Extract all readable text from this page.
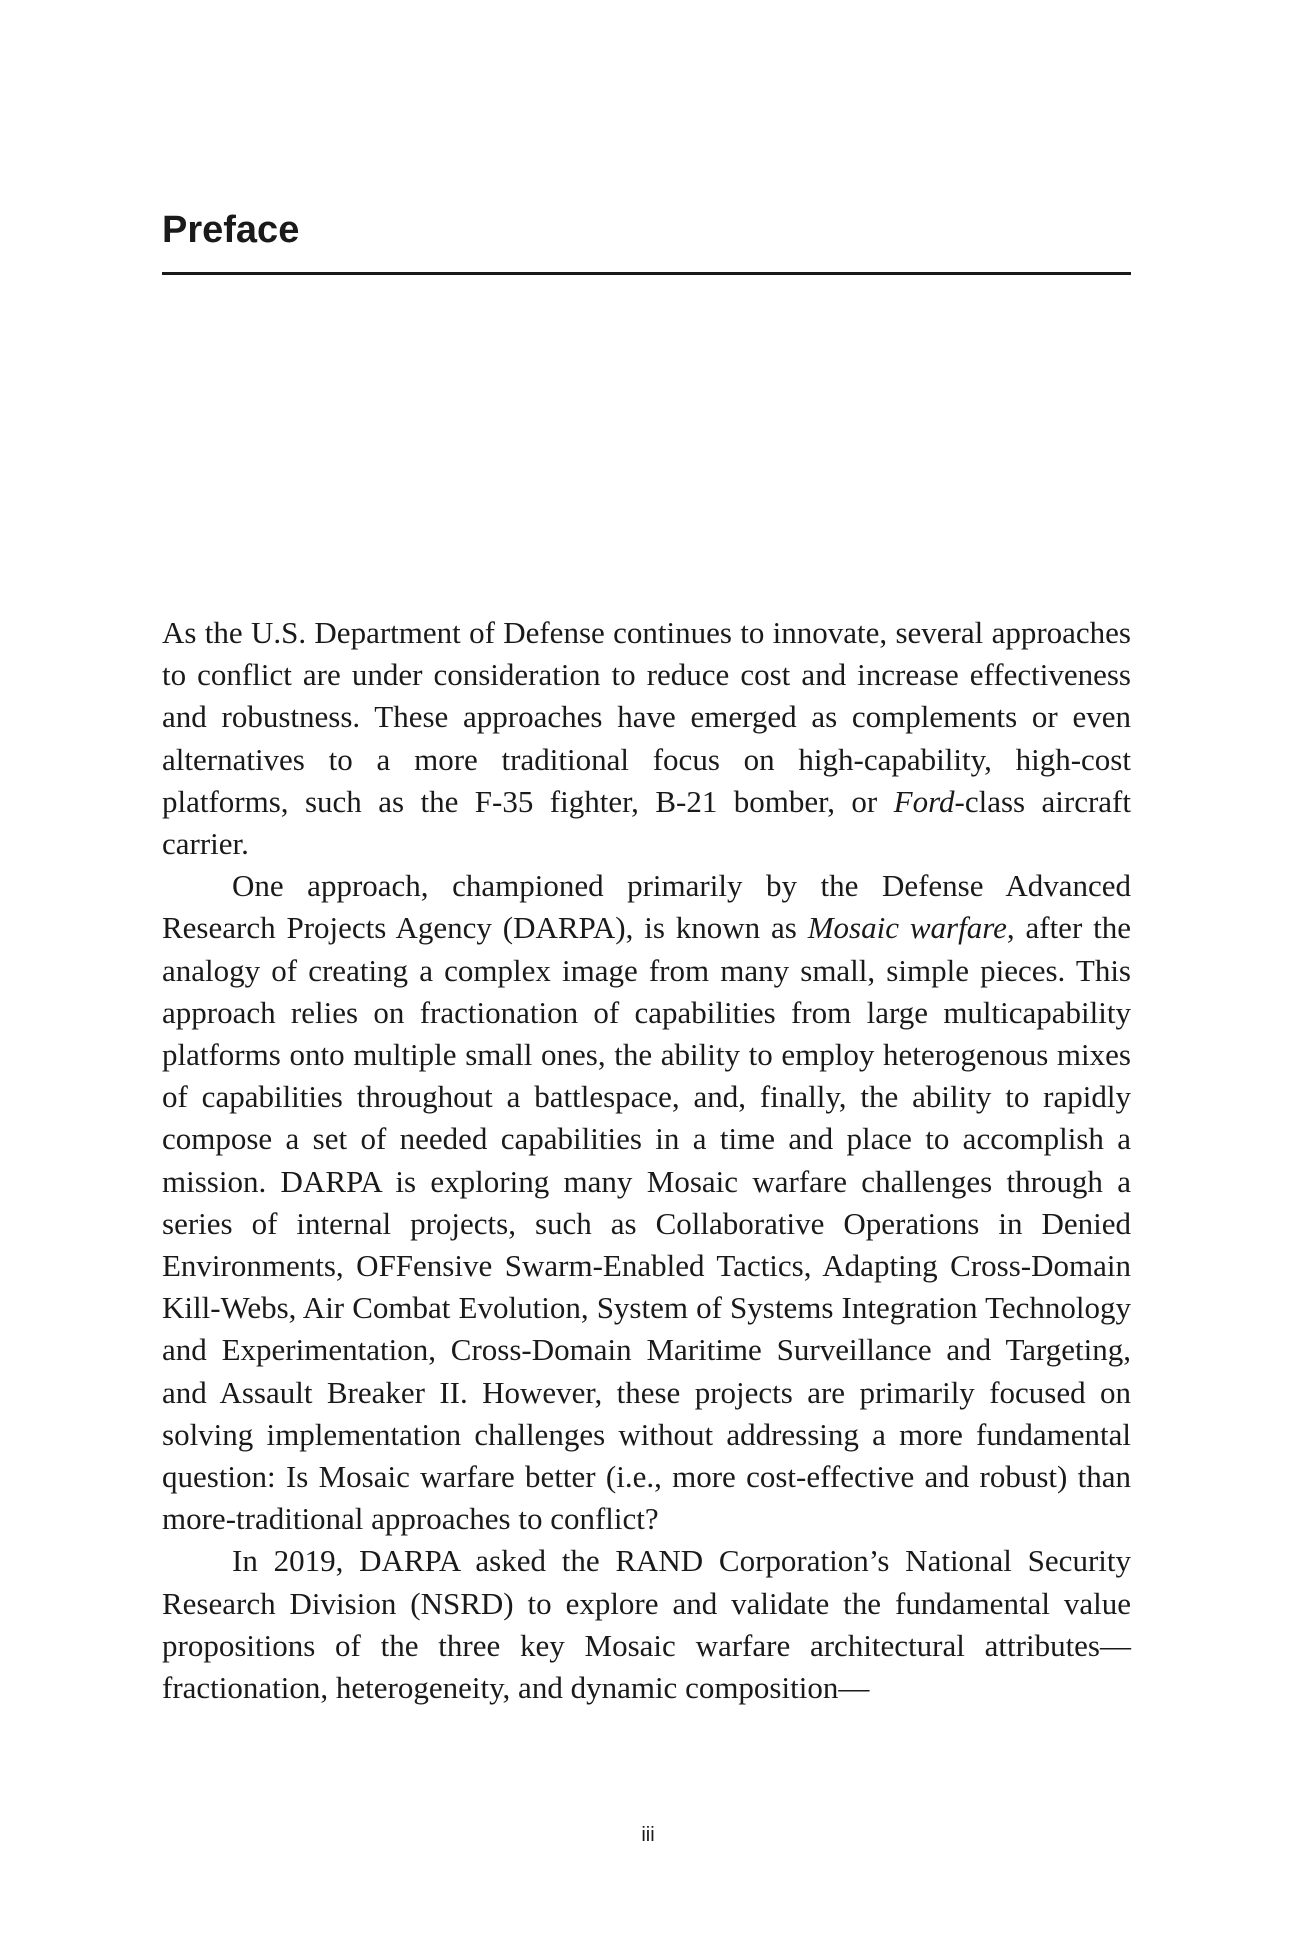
Preface

As the U.S. Department of Defense continues to innovate, several approaches to conflict are under consideration to reduce cost and increase effectiveness and robustness. These approaches have emerged as complements or even alternatives to a more traditional focus on high-capability, high-cost platforms, such as the F-35 fighter, B-21 bomber, or Ford-class aircraft carrier.

One approach, championed primarily by the Defense Advanced Research Projects Agency (DARPA), is known as Mosaic warfare, after the analogy of creating a complex image from many small, simple pieces. This approach relies on fractionation of capabilities from large multicapability platforms onto multiple small ones, the ability to employ heterogenous mixes of capabilities throughout a battlespace, and, finally, the ability to rapidly compose a set of needed capabilities in a time and place to accomplish a mission. DARPA is exploring many Mosaic warfare challenges through a series of internal projects, such as Collaborative Operations in Denied Environments, OFFensive Swarm-Enabled Tactics, Adapting Cross-Domain Kill-Webs, Air Combat Evolution, System of Systems Integration Technology and Experimentation, Cross-Domain Maritime Surveillance and Targeting, and Assault Breaker II. However, these projects are primarily focused on solving implementation challenges without addressing a more fundamental question: Is Mosaic warfare better (i.e., more cost-effective and robust) than more-traditional approaches to conflict?

In 2019, DARPA asked the RAND Corporation’s National Security Research Division (NSRD) to explore and validate the fundamental value propositions of the three key Mosaic warfare architectural attributes—fractionation, heterogeneity, and dynamic composition—

iii
